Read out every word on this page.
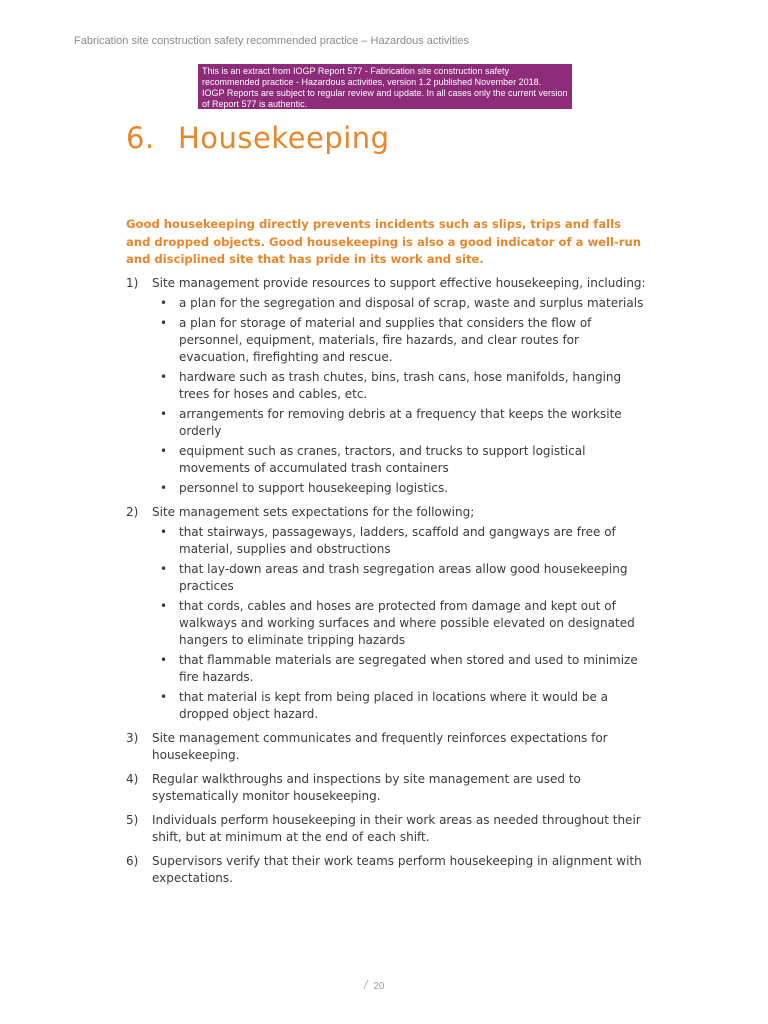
Fabrication site construction safety recommended practice – Hazardous activities

This is an extract from IOGP Report 577 - Fabrication site construction safety recommended practice - Hazardous activities, version 1.2 published November 2018.

IOGP Reports are subject to regular review and update. In all cases only the current version of Report 577 is authentic.

6. Housekeeping

Good housekeeping directly prevents incidents such as slips, trips and falls and dropped objects. Good housekeeping is also a good indicator of a well-run and disciplined site that has pride in its work and site.

1) Site management provide resources to support effective housekeeping, including:
• a plan for the segregation and disposal of scrap, waste and surplus materials
• a plan for storage of material and supplies that considers the flow of personnel, equipment, materials, fire hazards, and clear routes for evacuation, firefighting and rescue.
• hardware such as trash chutes, bins, trash cans, hose manifolds, hanging trees for hoses and cables, etc.
• arrangements for removing debris at a frequency that keeps the worksite orderly
• equipment such as cranes, tractors, and trucks to support logistical movements of accumulated trash containers
• personnel to support housekeeping logistics.
2) Site management sets expectations for the following;
• that stairways, passageways, ladders, scaffold and gangways are free of material, supplies and obstructions
• that lay-down areas and trash segregation areas allow good housekeeping practices
• that cords, cables and hoses are protected from damage and kept out of walkways and working surfaces and where possible elevated on designated hangers to eliminate tripping hazards
• that flammable materials are segregated when stored and used to minimize fire hazards.
• that material is kept from being placed in locations where it would be a dropped object hazard.
3) Site management communicates and frequently reinforces expectations for housekeeping.
4) Regular walkthroughs and inspections by site management are used to systematically monitor housekeeping.
5) Individuals perform housekeeping in their work areas as needed throughout their shift, but at minimum at the end of each shift.
6) Supervisors verify that their work teams perform housekeeping in alignment with expectations.
/ 20
